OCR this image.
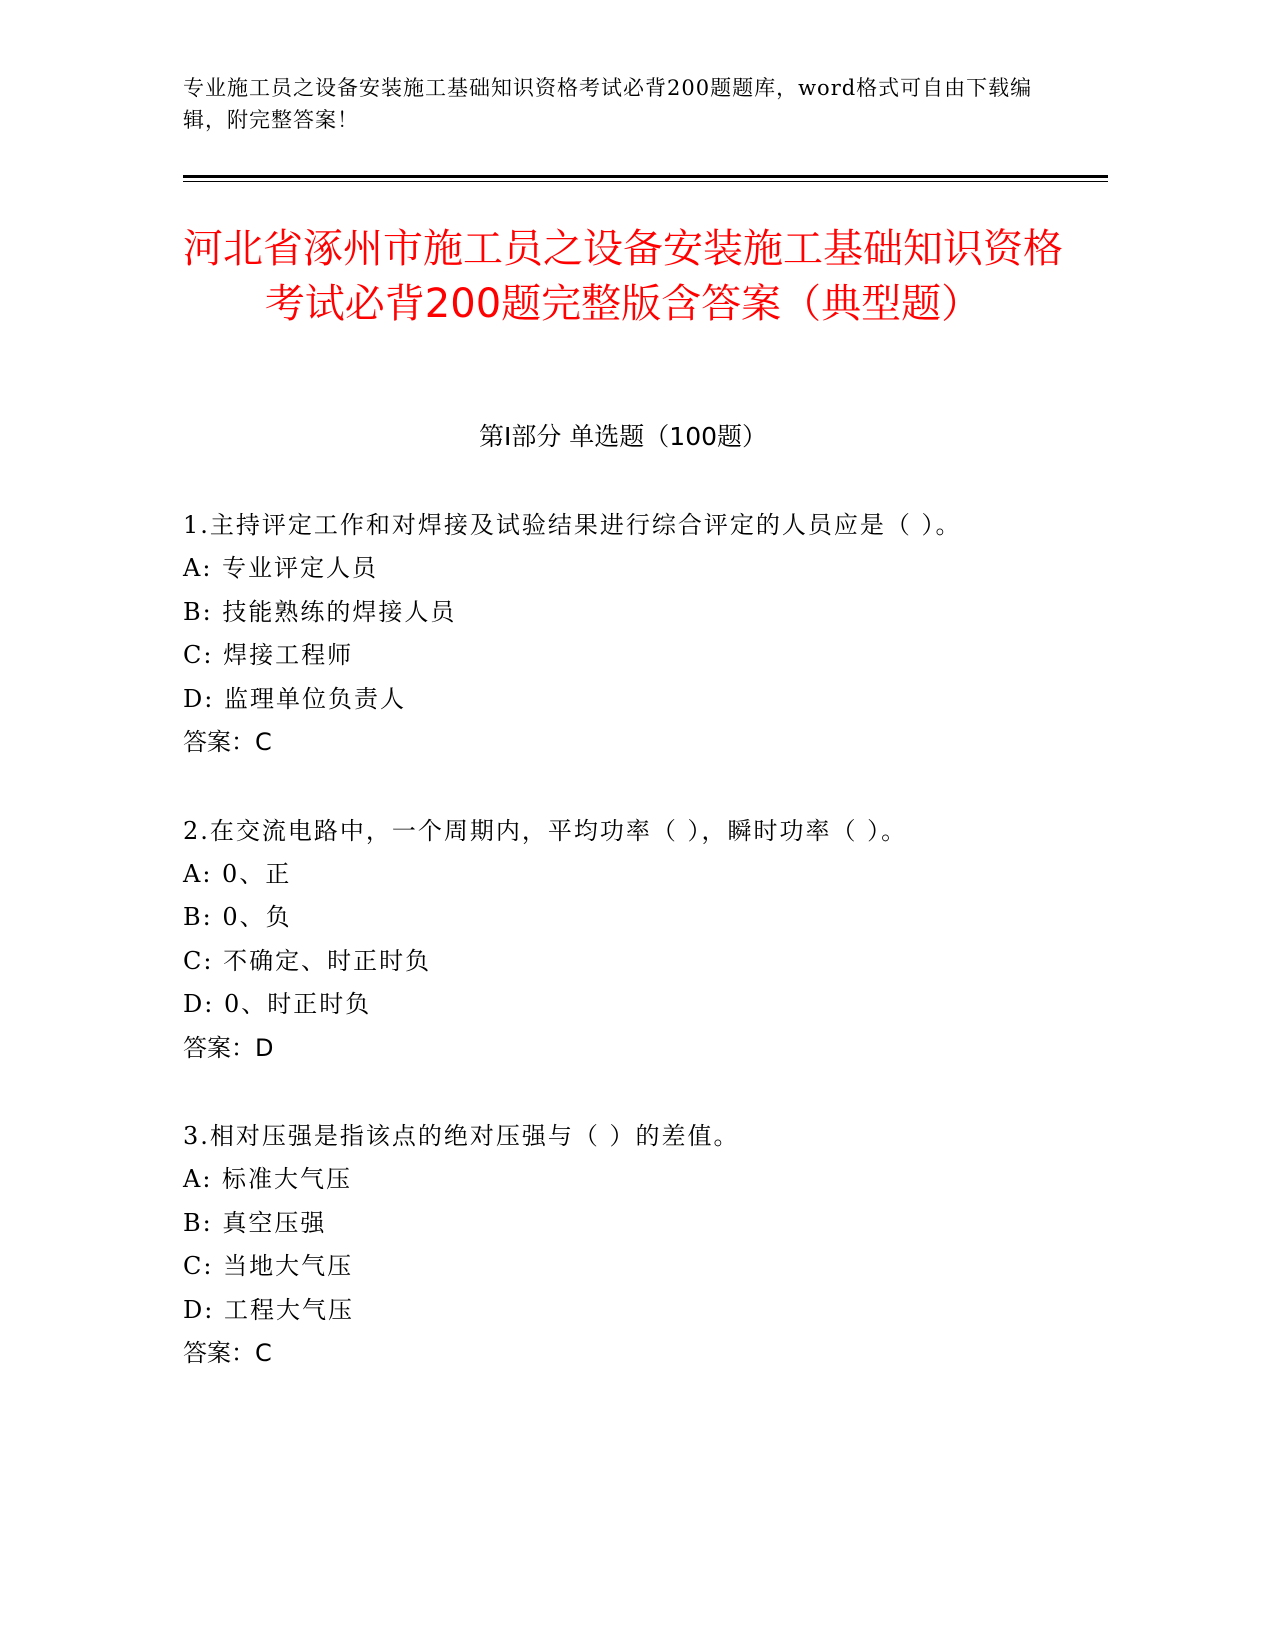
专业施工员之设备安装施工基础知识资格考试必背200题题库，word格式可自由下载编辑，附完整答案！
河北省涿州市施工员之设备安装施工基础知识资格考试必背200题完整版含答案（典型题）
第I部分 单选题（100题）
1.主持评定工作和对焊接及试验结果进行综合评定的人员应是（ ）。
A: 专业评定人员
B: 技能熟练的焊接人员
C: 焊接工程师
D: 监理单位负责人
答案：C
2.在交流电路中，一个周期内，平均功率（ ），瞬时功率（ ）。
A: 0、正
B: 0、负
C: 不确定、时正时负
D: 0、时正时负
答案：D
3.相对压强是指该点的绝对压强与（ ）的差值。
A: 标准大气压
B: 真空压强
C: 当地大气压
D: 工程大气压
答案：C
